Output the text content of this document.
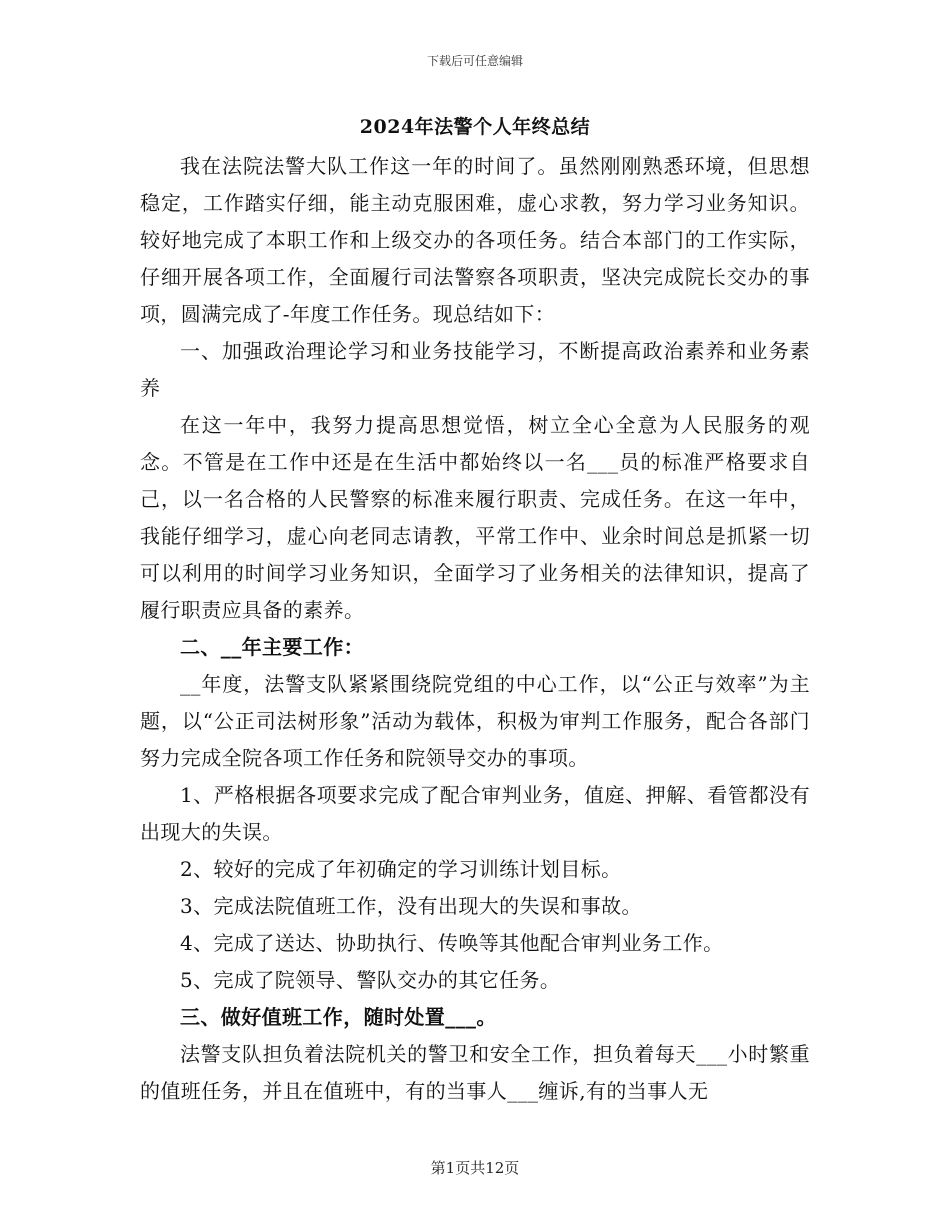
下载后可任意编辑
2024年法警个人年终总结

我在法院法警大队工作这一年的时间了。虽然刚刚熟悉环境，但思想稳定，工作踏实仔细，能主动克服困难，虚心求教，努力学习业务知识。较好地完成了本职工作和上级交办的各项任务。结合本部门的工作实际，仔细开展各项工作，全面履行司法警察各项职责，坚决完成院长交办的事项，圆满完成了-年度工作任务。现总结如下：

一、加强政治理论学习和业务技能学习，不断提高政治素养和业务素养

在这一年中，我努力提高思想觉悟，树立全心全意为人民服务的观念。不管是在工作中还是在生活中都始终以一名___员的标准严格要求自己，以一名合格的人民警察的标准来履行职责、完成任务。在这一年中，我能仔细学习，虚心向老同志请教，平常工作中、业余时间总是抓紧一切可以利用的时间学习业务知识，全面学习了业务相关的法律知识，提高了履行职责应具备的素养。

二、__年主要工作：

__年度，法警支队紧紧围绕院党组的中心工作，以“公正与效率”为主题，以“公正司法树形象”活动为载体，积极为审判工作服务，配合各部门努力完成全院各项工作任务和院领导交办的事项。

1、严格根据各项要求完成了配合审判业务，值庭、押解、看管都没有出现大的失误。

2、较好的完成了年初确定的学习训练计划目标。

3、完成法院值班工作，没有出现大的失误和事故。

4、完成了送达、协助执行、传唤等其他配合审判业务工作。

5、完成了院领导、警队交办的其它任务。

三、做好值班工作，随时处置___。

法警支队担负着法院机关的警卫和安全工作，担负着每天___小时繁重的值班任务，并且在值班中，有的当事人___缠诉,有的当事人无

第1页共12页
